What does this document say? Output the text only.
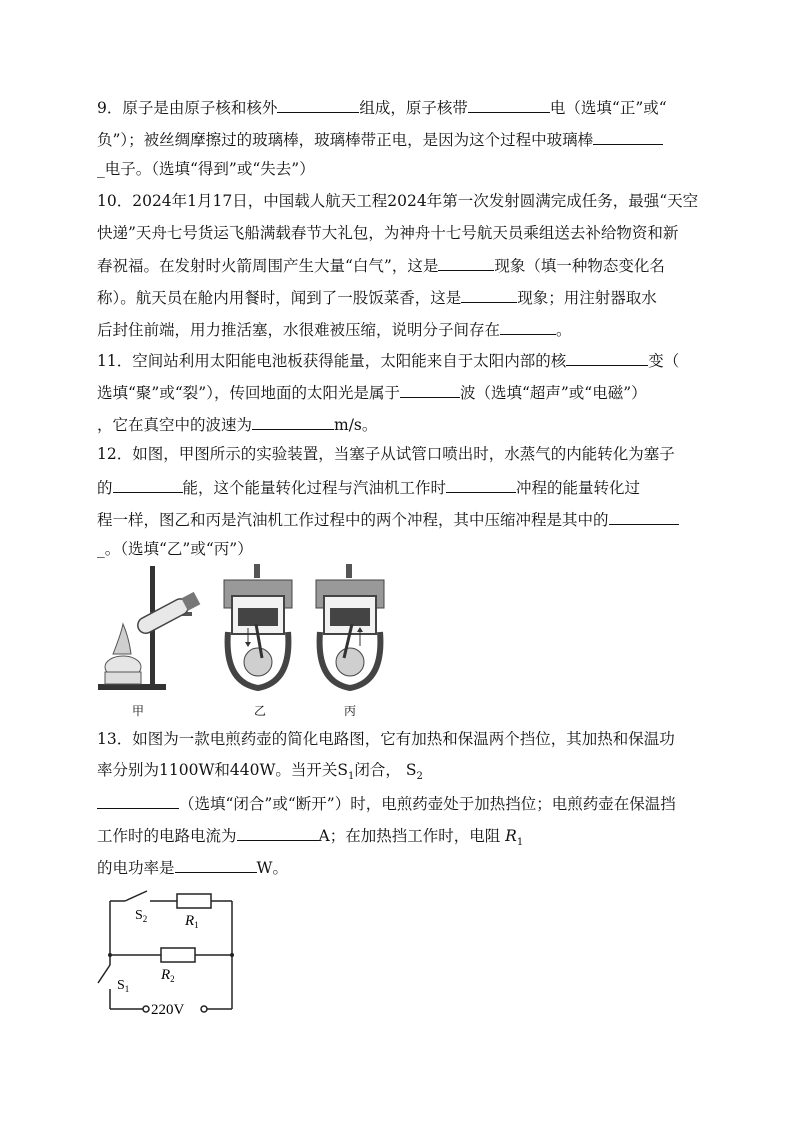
9．原子是由原子核和核外	组成，原子核带	电（选填“正”或“
负”）；被丝绸摩擦过的玻璃棒，玻璃棒带正电，是因为这个过程中玻璃棒
_电子。（选填“得到”或“失去”）
10．2024年1月17日，中国载人航天工程2024年第一次发射圆满完成任务，最强“天空
快递”天舟七号货运飞船满载春节大礼包，为神舟十七号航天员乘组送去补给物资和新
春祝福。在发射时火箭周围产生大量“白气”，这是	现象（填一种物态变化名
称）。航天员在舱内用餐时，闻到了一股饭菜香，这是	现象；用注射器取水
后封住前端，用力推活塞，水很难被压缩，说明分子间存在	。
11．空间站利用太阳能电池板获得能量，太阳能来自于太阳内部的核	变（
选填“聚”或“裂”），传回地面的太阳光是属于	波（选填“超声”或“电磁”）
，它在真空中的波速为	m/s。
12．如图，甲图所示的实验装置，当塞子从试管口喷出时，水蒸气的内能转化为塞子
的	能，这个能量转化过程与汽油机工作时	冲程的能量转化过
程一样，图乙和丙是汽油机工作过程中的两个冲程，其中压缩冲程是其中的
_。（选填“乙”或“丙”）
甲	乙	丙
13．如图为一款电煎药壶的简化电路图，它有加热和保温两个挡位，其加热和保温功
率分别为1100W和440W。当开关$S_1$闭合， $S_2$
（选填“闭合”或“断开”）时，电煎药壶处于加热挡位；电煎药壶在保温挡
工作时的电路电流为	A；在加热挡工作时，电阻 $R_1$
的电功率是	W。
$S_2$	$R_1$
$R_2$
$S_1$
220V
